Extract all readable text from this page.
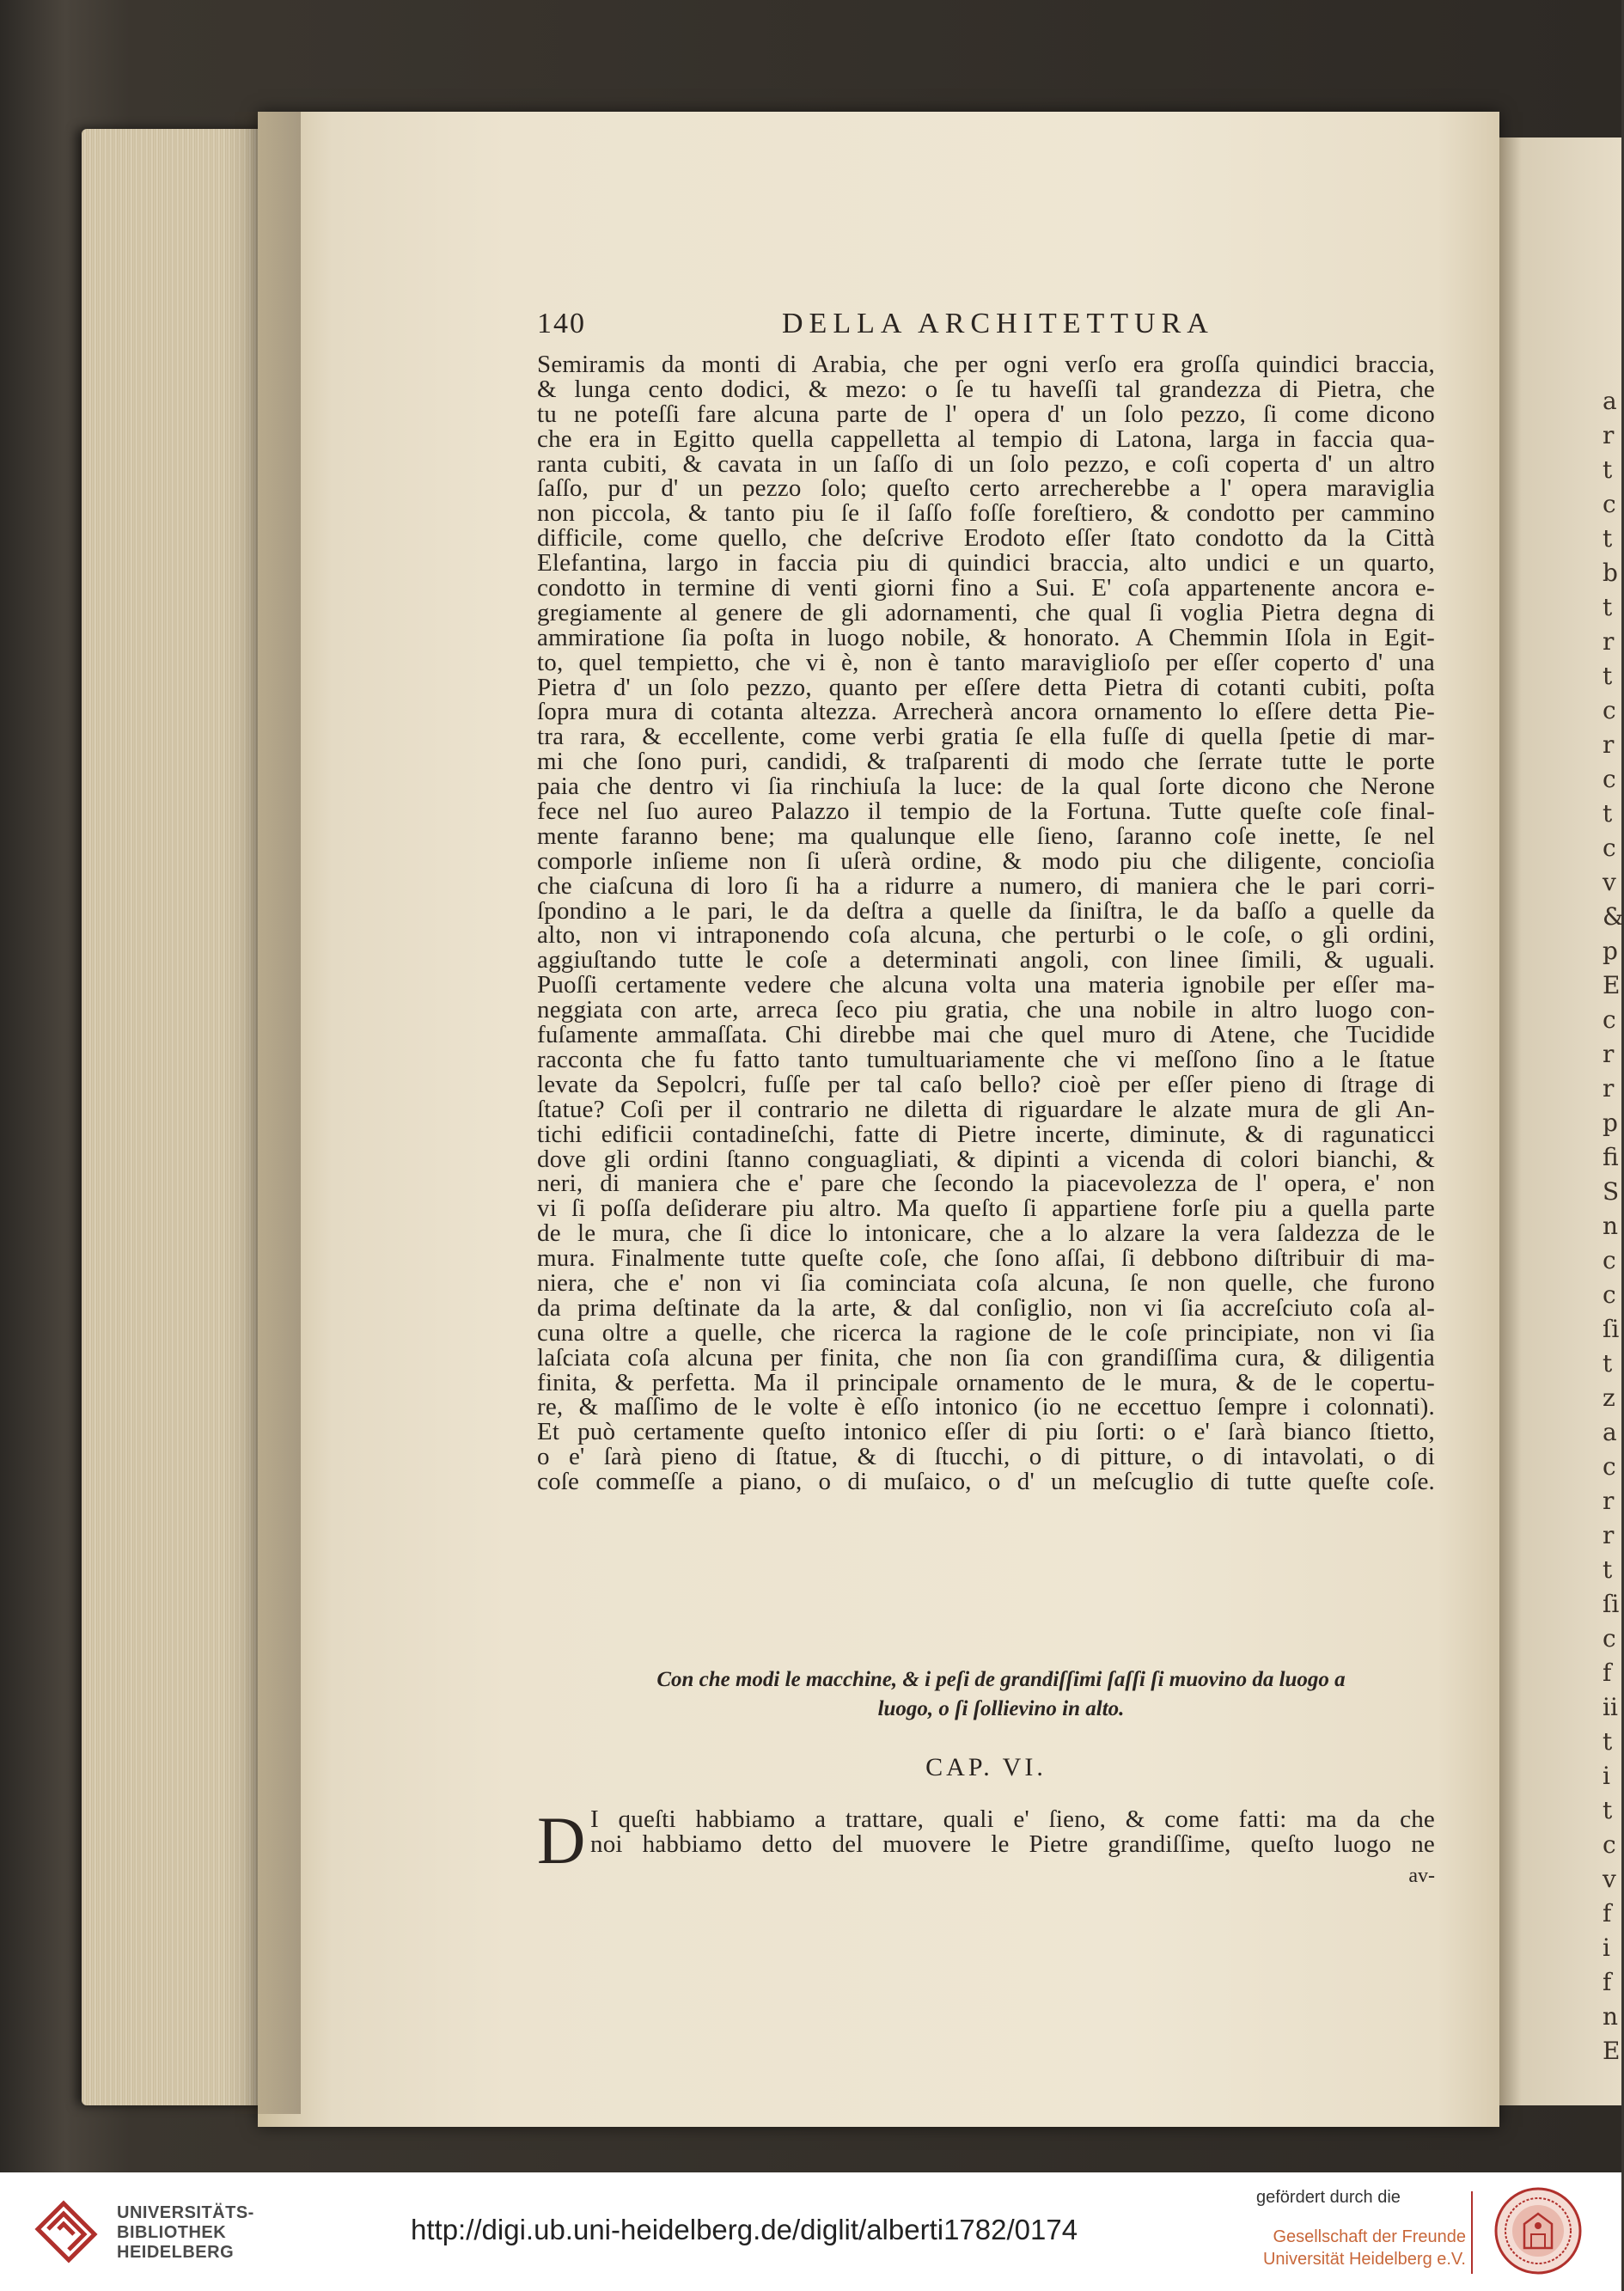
a
r
t
c
t
b
t
r
t
c
r
c
t
c
v
&
p
E
c
r
r
p
fi
S
n
c
c
ſi
t
z
a
c
r
r
t
ſi
c
f
ii
t
i
t
c
v
f
i
f
n
E
140	DELLA ARCHITETTURA
Semiramis da monti di Arabia, che per ogni verſo era groſſa quindici braccia,
& lunga cento dodici, & mezo: o ſe tu haveſſi tal grandezza di Pietra, che
tu ne poteſſi fare alcuna parte de l' opera d' un ſolo pezzo, ſi come dicono
che era in Egitto quella cappelletta al tempio di Latona, larga in faccia qua-
ranta cubiti, & cavata in un ſaſſo di un ſolo pezzo, e coſi coperta d' un altro
ſaſſo, pur d' un pezzo ſolo; queſto certo arrecherebbe a l' opera maraviglia
non piccola, & tanto piu ſe il ſaſſo foſſe foreſtiero, & condotto per cammino
difficile, come quello, che deſcrive Erodoto eſſer ſtato condotto da la Città
Elefantina, largo in faccia piu di quindici braccia, alto undici e un quarto,
condotto in termine di venti giorni fino a Sui. E' coſa appartenente ancora e-
gregiamente al genere de gli adornamenti, che qual ſi voglia Pietra degna di
ammiratione ſia poſta in luogo nobile, & honorato. A Chemmin Iſola in Egit-
to, quel tempietto, che vi è, non è tanto maraviglioſo per eſſer coperto d' una
Pietra d' un ſolo pezzo, quanto per eſſere detta Pietra di cotanti cubiti, poſta
ſopra mura di cotanta altezza. Arrecherà ancora ornamento lo eſſere detta Pie-
tra rara, & eccellente, come verbi gratia ſe ella fuſſe di quella ſpetie di mar-
mi che ſono puri, candidi, & traſparenti di modo che ſerrate tutte le porte
paia che dentro vi ſia rinchiuſa la luce: de la qual ſorte dicono che Nerone
fece nel ſuo aureo Palazzo il tempio de la Fortuna. Tutte queſte coſe final-
mente faranno bene; ma qualunque elle ſieno, ſaranno coſe inette, ſe nel
comporle inſieme non ſi uſerà ordine, & modo piu che diligente, concioſia
che ciaſcuna di loro ſi ha a ridurre a numero, di maniera che le pari corri-
ſpondino a le pari, le da deſtra a quelle da ſiniſtra, le da baſſo a quelle da
alto, non vi intraponendo coſa alcuna, che perturbi o le coſe, o gli ordini,
aggiuſtando tutte le coſe a determinati angoli, con linee ſimili, & uguali.
Puoſſi certamente vedere che alcuna volta una materia ignobile per eſſer ma-
neggiata con arte, arreca ſeco piu gratia, che una nobile in altro luogo con-
fuſamente ammaſſata. Chi direbbe mai che quel muro di Atene, che Tucidide
racconta che fu fatto tanto tumultuariamente che vi meſſono ſino a le ſtatue
levate da Sepolcri, fuſſe per tal caſo bello? cioè per eſſer pieno di ſtrage di
ſtatue? Coſi per il contrario ne diletta di riguardare le alzate mura de gli An-
tichi edificii contadineſchi, fatte di Pietre incerte, diminute, & di ragunaticci
dove gli ordini ſtanno conguagliati, & dipinti a vicenda di colori bianchi, &
neri, di maniera che e' pare che ſecondo la piacevolezza de l' opera, e' non
vi ſi poſſa deſiderare piu altro. Ma queſto ſi appartiene forſe piu a quella parte
de le mura, che ſi dice lo intonicare, che a lo alzare la vera ſaldezza de le
mura. Finalmente tutte queſte coſe, che ſono aſſai, ſi debbono diſtribuir di ma-
niera, che e' non vi ſia cominciata coſa alcuna, ſe non quelle, che furono
da prima deſtinate da la arte, & dal conſiglio, non vi ſia accreſciuto coſa al-
cuna oltre a quelle, che ricerca la ragione de le coſe principiate, non vi ſia
laſciata coſa alcuna per finita, che non ſia con grandiſſima cura, & diligentia
finita, & perfetta. Ma il principale ornamento de le mura, & de le copertu-
re, & maſſimo de le volte è eſſo intonico (io ne eccettuo ſempre i colonnati).
Et può certamente queſto intonico eſſer di piu ſorti: o e' ſarà bianco ſtietto,
o e' ſarà pieno di ſtatue, & di ſtucchi, o di pitture, o di intavolati, o di
coſe commeſſe a piano, o di muſaico, o d' un meſcuglio di tutte queſte coſe.
Con che modi le macchine, & i peſi de grandiſſimi ſaſſi ſi muovino da luogo a
luogo, o ſi ſollievino in alto.
CAP. VI.
D I queſti habbiamo a trattare, quali e' ſieno, & come fatti: ma da che
noi habbiamo detto del muovere le Pietre grandiſſime, queſto luogo ne
av-
UNIVERSITÄTS-
BIBLIOTHEK
HEIDELBERG
http://digi.ub.uni-heidelberg.de/diglit/alberti1782/0174
gefördert durch die
Gesellschaft der Freunde
Universität Heidelberg e.V.
